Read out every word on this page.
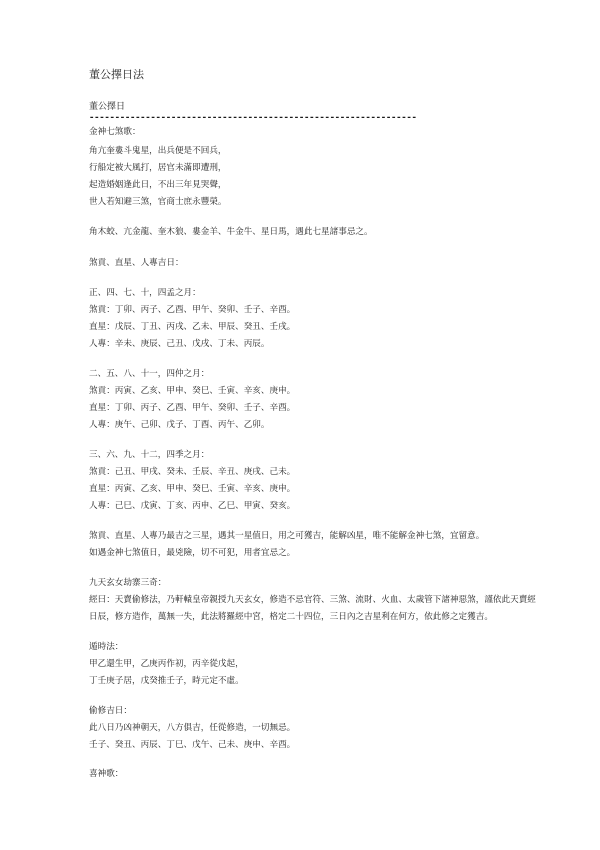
董公擇日法
董公擇日
----------------------------------------------------------------
金神七煞歌：
角亢奎婁斗鬼星，出兵便是不回兵，
行船定被大風打，居官未滿即遭刑，
起造婚姻逢此日，不出三年見哭聲，
世人若知避三煞，官商士庶永豐榮。
角木蛟、亢金龍、奎木狼、婁金羊、牛金牛、星日馬，遇此七星諸事忌之。
煞貢、直星、人專吉日：
正、四、七、十，四孟之月：
煞貢：丁卯、丙子、乙酉、甲午、癸卯、壬子、辛酉。
直星：戊辰、丁丑、丙戌、乙未、甲辰、癸丑、壬戌。
人專：辛未、庚辰、己丑、戊戌、丁未、丙辰。
二、五、八、十一，四仲之月：
煞貢：丙寅、乙亥、甲申、癸巳、壬寅、辛亥、庚申。
直星：丁卯、丙子、乙酉、甲午、癸卯、壬子、辛酉。
人專：庚午、己卯、戊子、丁酉、丙午、乙卯。
三、六、九、十二，四季之月：
煞貢：己丑、甲戌、癸未、壬辰、辛丑、庚戌、己未。
直星：丙寅、乙亥、甲申、癸巳、壬寅、辛亥、庚申。
人專：己巳、戊寅、丁亥、丙申、乙巳、甲寅、癸亥。
煞貢、直星、人專乃最吉之三星，遇其一星值日，用之可獲吉，能解凶星，唯不能解金神七煞，宜留意。
如遇金神七煞值日，最兇險，切不可犯，用者宜忌之。
九天玄女劫寨三奇：
經曰：天賣偷修法，乃軒轅皇帝親授九天玄女，修造不忌官符、三煞、流財、火血、太歲管下諸神惡煞，謹依此天賣經
日辰，修方造作，萬無一失，此法將羅經中宮，格定二十四位，三日內之吉星利在何方，依此修之定獲吉。
遁時法：
甲乙還生甲，乙庚丙作初，丙辛從戊起，
丁壬庚子居，戊癸推壬子，時元定不虛。
偷修吉日：
此八日乃凶神朝天，八方俱吉，任從修造，一切無忌。
壬子、癸丑、丙辰、丁巳、戊午、己未、庚申、辛酉。
喜神歌：
